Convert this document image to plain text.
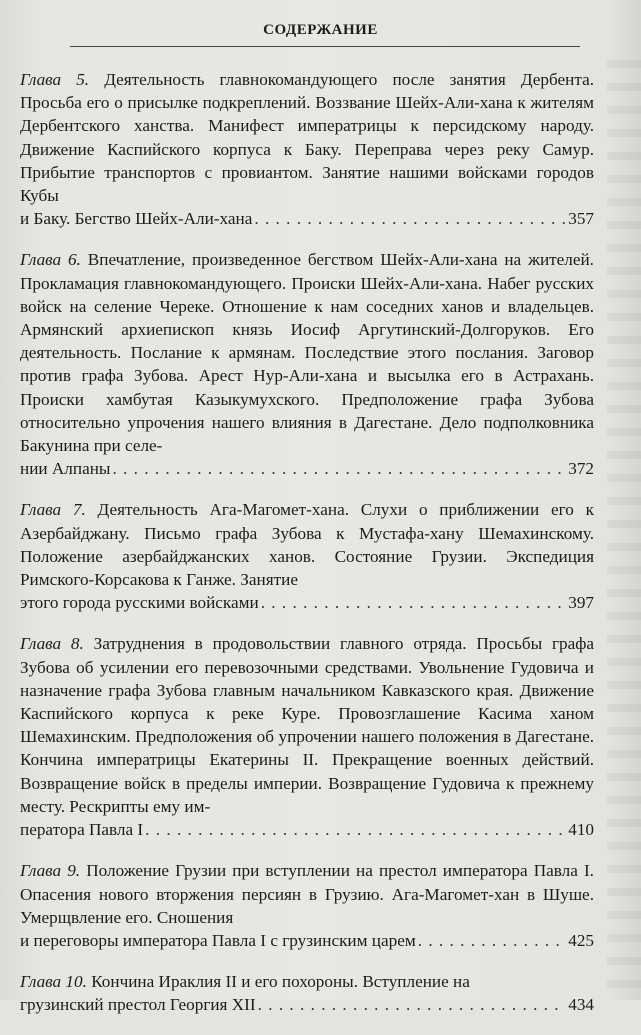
СОДЕРЖАНИЕ
Глава 5. Деятельность главнокомандующего после занятия Дербента. Просьба его о присылке подкреплений. Воззвание Шейх-Али-хана к жителям Дербентского ханства. Манифест императрицы к персидскому народу. Движение Каспийского корпуса к Баку. Переправа через реку Самур. Прибытие транспортов с провиантом. Занятие нашими войсками городов Кубы
и Баку. Бегство Шейх-Али-хана . . .	357
Глава 6. Впечатление, произведенное бегством Шейх-Али-хана на жителей. Прокламация главнокомандующего. Происки Шейх-Али-хана. Набег русских войск на селение Череке. Отношение к нам соседних ханов и владельцев. Армянский архиепископ князь Иосиф Аргутинский-Долгоруков. Его деятельность. Послание к армянам. Последствие этого послания. Заговор против графа Зубова. Арест Нур-Али-хана и высылка его в Астрахань. Происки хамбутая Казыкумухского. Предположение графа Зубова относительно упрочения нашего влияния в Дагестане. Дело подполковника Бакунина при селе-
нии Алпаны . . .	372
Глава 7. Деятельность Ага-Магомет-хана. Слухи о приближении его к Азербайджану. Письмо графа Зубова к Мустафа-хану Шемахинскому. Положение азербайджанских ханов. Состояние Грузии. Экспедиция Римского-Корсакова к Ганже. Занятие
этого города русскими войсками . . .	397
Глава 8. Затруднения в продовольствии главного отряда. Просьбы графа Зубова об усилении его перевозочными средствами. Увольнение Гудовича и назначение графа Зубова главным начальником Кавказского края. Движение Каспийского корпуса к реке Куре. Провозглашение Касима ханом Шемахинским. Предположения об упрочении нашего положения в Дагестане. Кончина императрицы Екатерины II. Прекращение военных действий. Возвращение войск в пределы империи. Возвращение Гудовича к прежнему месту. Рескрипты ему им-
ператора Павла I . . .	410
Глава 9. Положение Грузии при вступлении на престол императора Павла I. Опасения нового вторжения персиян в Грузию. Ага-Магомет-хан в Шуше. Умерщвление его. Сношения
и переговоры императора Павла I с грузинским царем . . .	425
Глава 10. Кончина Ираклия II и его похороны. Вступление на
грузинский престол Георгия XII . . .	434
